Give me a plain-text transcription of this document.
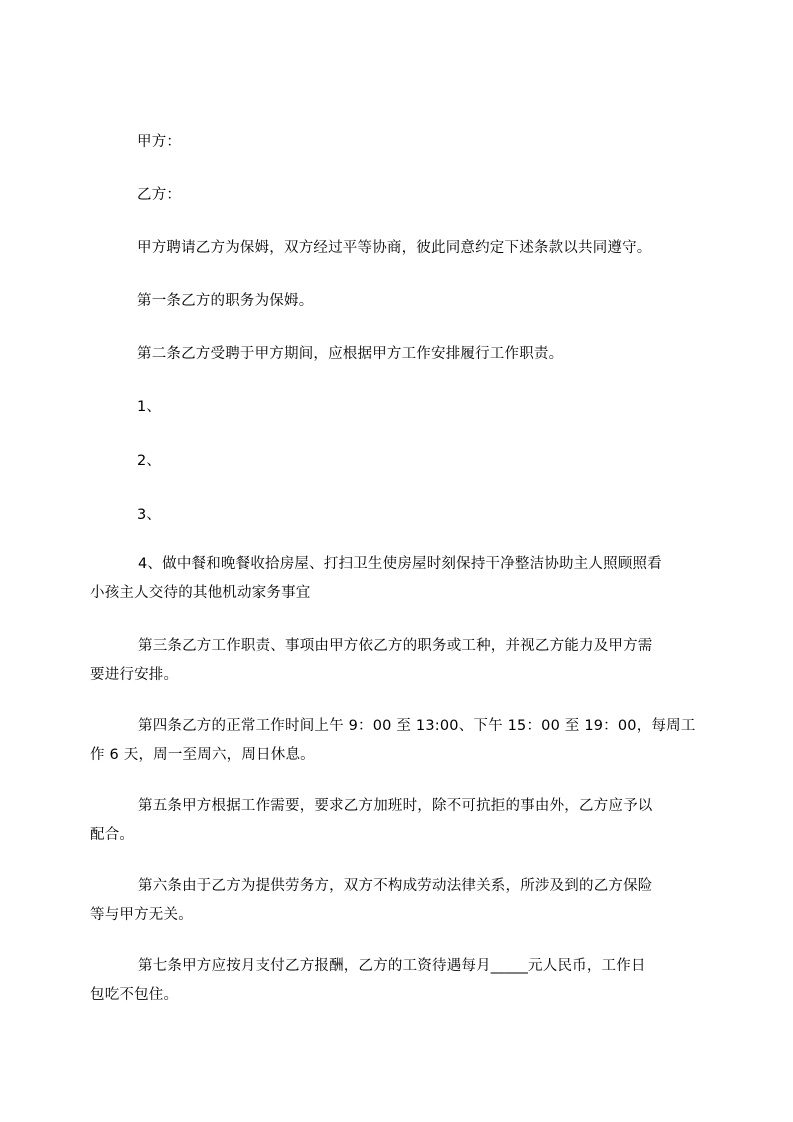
甲方：

乙方：

甲方聘请乙方为保姆，双方经过平等协商，彼此同意约定下述条款以共同遵守。

第一条乙方的职务为保姆。

第二条乙方受聘于甲方期间，应根据甲方工作安排履行工作职责。

1、

2、

3、

4、做中餐和晚餐收拾房屋、打扫卫生使房屋时刻保持干净整洁协助主人照顾照看
小孩主人交待的其他机动家务事宜
第三条乙方工作职责、事项由甲方依乙方的职务或工种，并视乙方能力及甲方需
要进行安排。
第四条乙方的正常工作时间上午 9：00 至 13:00、下午 15：00 至 19：00，每周工
作 6 天，周一至周六，周日休息。
第五条甲方根据工作需要，要求乙方加班时，除不可抗拒的事由外，乙方应予以
配合。
第六条由于乙方为提供劳务方，双方不构成劳动法律关系，所涉及到的乙方保险
等与甲方无关。
第七条甲方应按月支付乙方报酬，乙方的工资待遇每月_____元人民币，工作日
包吃不包住。
